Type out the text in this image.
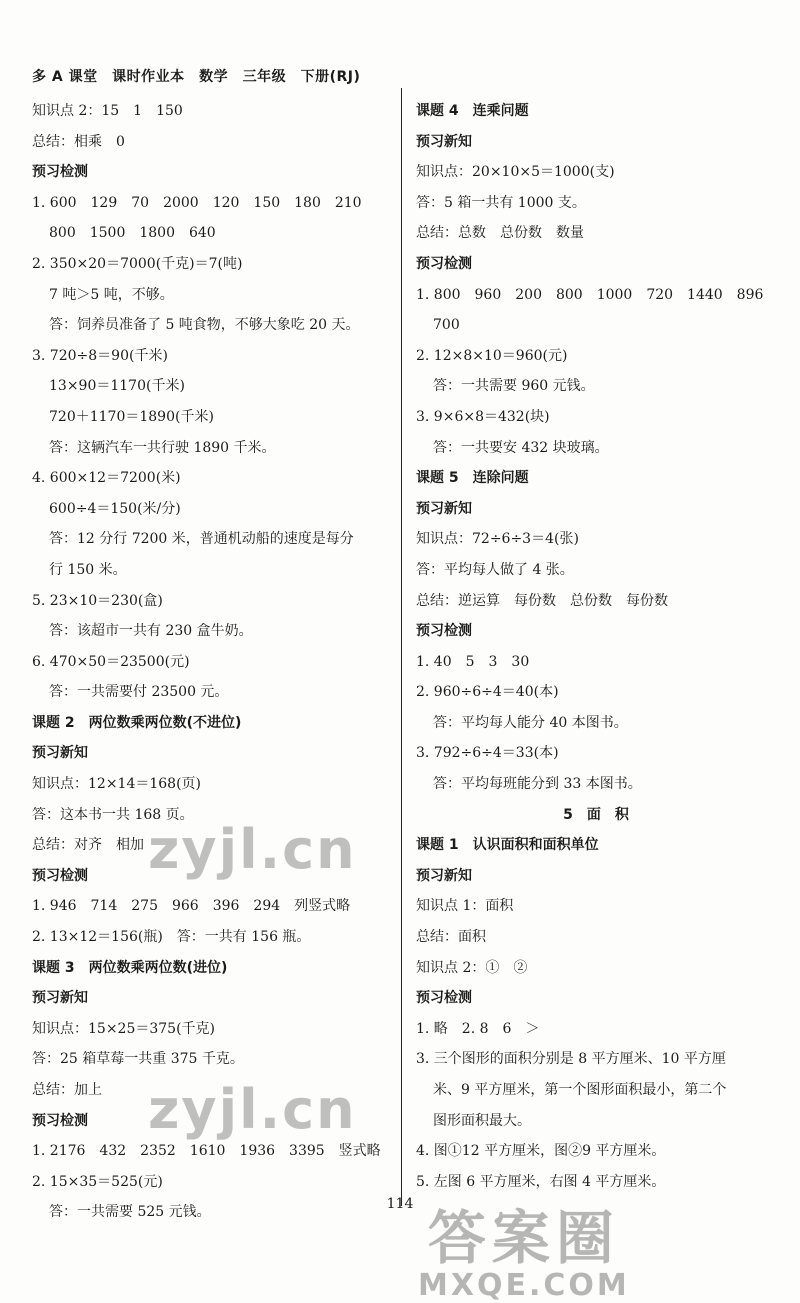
多 A 课堂　课时作业本　数学　三年级　下册(RJ)
知识点 2：15　1　150
总结：相乘　0
预习检测
1. 600　129　70　2000　120　150　180　210
800　1500　1800　640
2. 350×20＝7000(千克)＝7(吨)
7 吨＞5 吨，不够。
答：饲养员准备了 5 吨食物，不够大象吃 20 天。
3. 720÷8＝90(千米)
13×90＝1170(千米)
720＋1170＝1890(千米)
答：这辆汽车一共行驶 1890 千米。
4. 600×12＝7200(米)
600÷4＝150(米/分)
答：12 分行 7200 米，普通机动船的速度是每分
行 150 米。
5. 23×10＝230(盒)
答：该超市一共有 230 盒牛奶。
6. 470×50＝23500(元)
答：一共需要付 23500 元。
课题 2　两位数乘两位数(不进位)
预习新知
知识点：12×14＝168(页)
答：这本书一共 168 页。
总结：对齐　相加
预习检测
1. 946　714　275　966　396　294　列竖式略
2. 13×12＝156(瓶)　答：一共有 156 瓶。
课题 3　两位数乘两位数(进位)
预习新知
知识点：15×25＝375(千克)
答：25 箱草莓一共重 375 千克。
总结：加上
预习检测
1. 2176　432　2352　1610　1936　3395　竖式略
2. 15×35＝525(元)
答：一共需要 525 元钱。
课题 4　连乘问题
预习新知
知识点：20×10×5＝1000(支)
答：5 箱一共有 1000 支。
总结：总数　总份数　数量
预习检测
1. 800　960　200　800　1000　720　1440　896
700
2. 12×8×10＝960(元)
答：一共需要 960 元钱。
3. 9×6×8＝432(块)
答：一共要安 432 块玻璃。
课题 5　连除问题
预习新知
知识点：72÷6÷3＝4(张)
答：平均每人做了 4 张。
总结：逆运算　每份数　总份数　每份数
预习检测
1. 40　5　3　30
2. 960÷6÷4＝40(本)
答：平均每人能分 40 本图书。
3. 792÷6÷4＝33(本)
答：平均每班能分到 33 本图书。
5　面　积
课题 1　认识面积和面积单位
预习新知
知识点 1：面积
总结：面积
知识点 2：①　②
预习检测
1. 略　2. 8　6　＞
3. 三个图形的面积分别是 8 平方厘米、10 平方厘
米、9 平方厘米，第一个图形面积最小，第二个
图形面积最大。
4. 图①12 平方厘米，图②9 平方厘米。
5. 左图 6 平方厘米，右图 4 平方厘米。
114
zyjl.cn
zyjl.cn
答案圈
MXQE.COM
